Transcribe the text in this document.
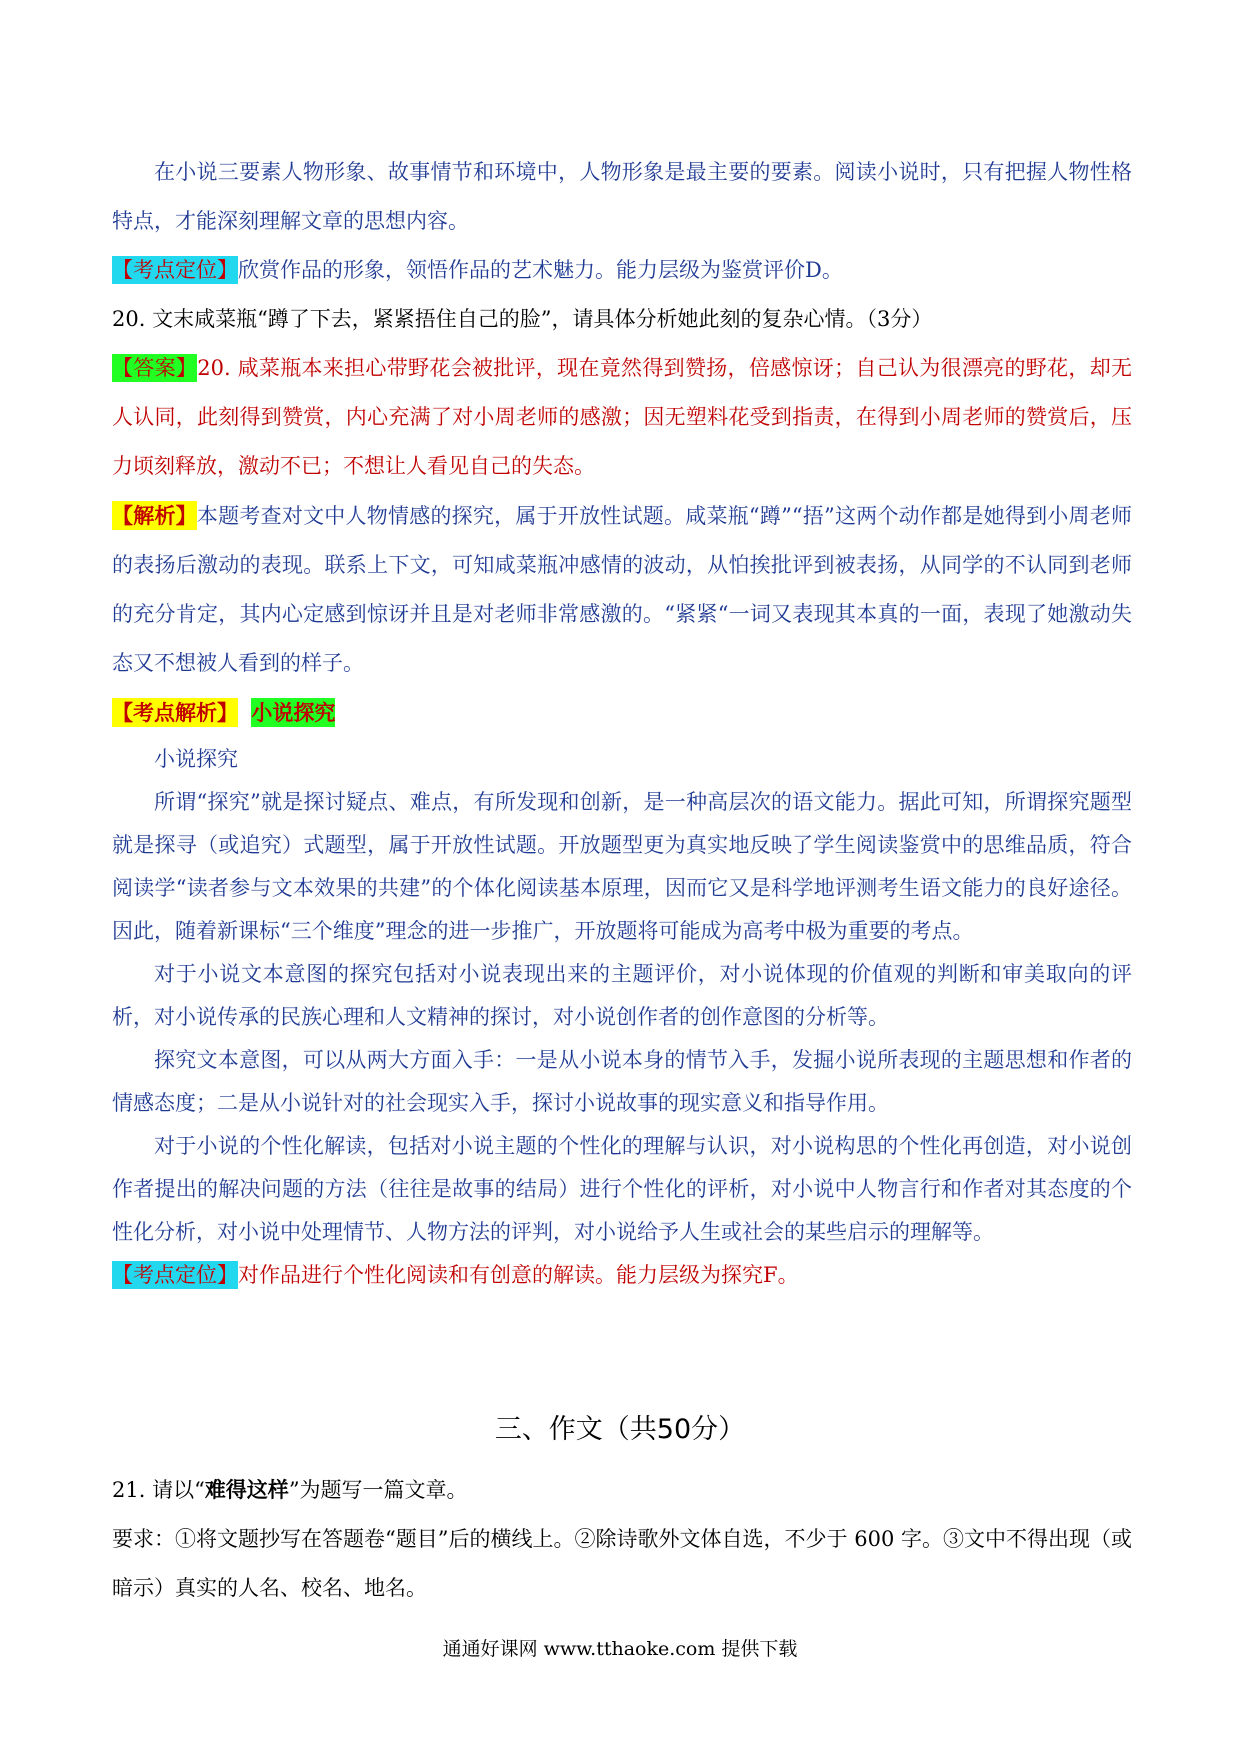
在小说三要素人物形象、故事情节和环境中，人物形象是最主要的要素。阅读小说时，只有把握人物性格特点，才能深刻理解文章的思想内容。

【考点定位】欣赏作品的形象，领悟作品的艺术魅力。能力层级为鉴赏评价D。

20. 文末咸菜瓶“蹲了下去，紧紧捂住自己的脸”，请具体分析她此刻的复杂心情。（3分）

【答案】20. 咸菜瓶本来担心带野花会被批评，现在竟然得到赞扬，倍感惊讶；自己认为很漂亮的野花，却无人认同，此刻得到赞赏，内心充满了对小周老师的感激；因无塑料花受到指责，在得到小周老师的赞赏后，压力顷刻释放，激动不已；不想让人看见自己的失态。

【解析】本题考查对文中人物情感的探究，属于开放性试题。咸菜瓶“蹲”“捂”这两个动作都是她得到小周老师的表扬后激动的表现。联系上下文，可知咸菜瓶冲感情的波动，从怕挨批评到被表扬，从同学的不认同到老师的充分肯定，其内心定感到惊讶并且是对老师非常感激的。“紧紧“一词又表现其本真的一面，表现了她激动失态又不想被人看到的样子。

【考点解析】 小说探究

小说探究

所谓“探究”就是探讨疑点、难点，有所发现和创新，是一种高层次的语文能力。据此可知，所谓探究题型就是探寻（或追究）式题型，属于开放性试题。开放题型更为真实地反映了学生阅读鉴赏中的思维品质，符合阅读学“读者参与文本效果的共建”的个体化阅读基本原理，因而它又是科学地评测考生语文能力的良好途径。因此，随着新课标“三个维度”理念的进一步推广，开放题将可能成为高考中极为重要的考点。

对于小说文本意图的探究包括对小说表现出来的主题评价，对小说体现的价值观的判断和审美取向的评析，对小说传承的民族心理和人文精神的探讨，对小说创作者的创作意图的分析等。

探究文本意图，可以从两大方面入手：一是从小说本身的情节入手，发掘小说所表现的主题思想和作者的情感态度；二是从小说针对的社会现实入手，探讨小说故事的现实意义和指导作用。

对于小说的个性化解读，包括对小说主题的个性化的理解与认识，对小说构思的个性化再创造，对小说创作者提出的解决问题的方法（往往是故事的结局）进行个性化的评析，对小说中人物言行和作者对其态度的个性化分析，对小说中处理情节、人物方法的评判，对小说给予人生或社会的某些启示的理解等。

【考点定位】对作品进行个性化阅读和有创意的解读。能力层级为探究F。

三、作文（共50分）

21. 请以“难得这样”为题写一篇文章。

要求：①将文题抄写在答题卷“题目”后的横线上。②除诗歌外文体自选，不少于 600 字。③文中不得出现（或暗示）真实的人名、校名、地名。

通通好课网 www.tthaoke.com 提供下载
